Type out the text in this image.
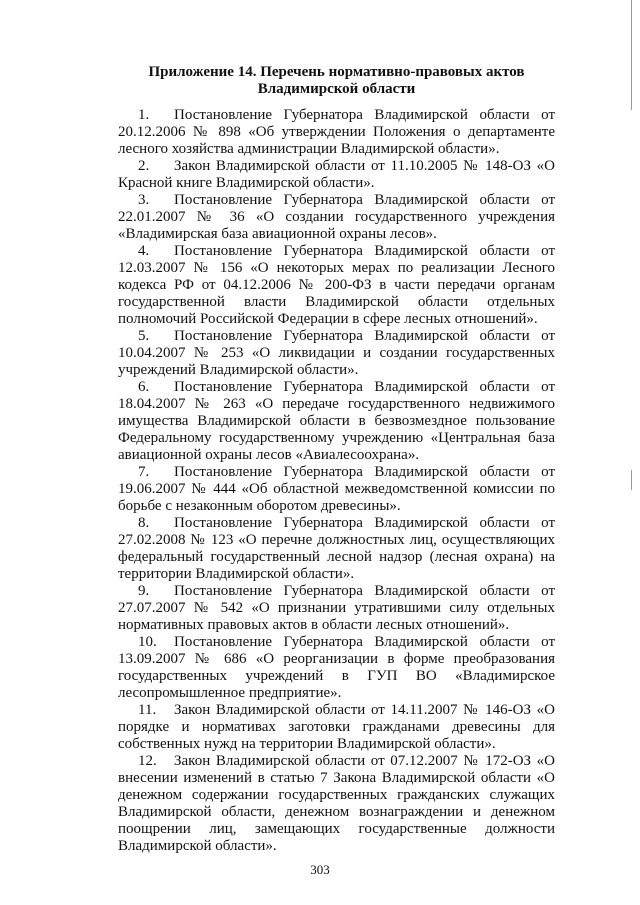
Приложение 14. Перечень нормативно-правовых актов
Владимирской области
1. Постановление Губернатора Владимирской области от 20.12.2006 № 898 «Об утверждении Положения о департаменте лесного хозяйства администрации Владимирской области».
2. Закон Владимирской области от 11.10.2005 № 148-ОЗ «О Красной книге Владимирской области».
3. Постановление Губернатора Владимирской области от 22.01.2007 № 36 «О создании государственного учреждения «Владимирская база авиационной охраны лесов».
4. Постановление Губернатора Владимирской области от 12.03.2007 № 156 «О некоторых мерах по реализации Лесного кодекса РФ от 04.12.2006 № 200-ФЗ в части передачи органам государственной власти Владимирской области отдельных полномочий Российской Федерации в сфере лесных отношений».
5. Постановление Губернатора Владимирской области от 10.04.2007 № 253 «О ликвидации и создании государственных учреждений Владимирской области».
6. Постановление Губернатора Владимирской области от 18.04.2007 № 263 «О передаче государственного недвижимого имущества Владимирской области в безвозмездное пользование Федеральному государственному учреждению «Центральная база авиационной охраны лесов «Авиалесоохрана».
7. Постановление Губернатора Владимирской области от 19.06.2007 № 444 «Об областной межведомственной комиссии по борьбе с незаконным оборотом древесины».
8. Постановление Губернатора Владимирской области от 27.02.2008 № 123 «О перечне должностных лиц, осуществляющих федеральный государственный лесной надзор (лесная охрана) на территории Владимирской области».
9. Постановление Губернатора Владимирской области от 27.07.2007 № 542 «О признании утратившими силу отдельных нормативных правовых актов в области лесных отношений».
10. Постановление Губернатора Владимирской области от 13.09.2007 № 686 «О реорганизации в форме преобразования государственных учреждений в ГУП ВО «Владимирское лесопромышленное предприятие».
11. Закон Владимирской области от 14.11.2007 № 146-ОЗ «О порядке и нормативах заготовки гражданами древесины для собственных нужд на территории Владимирской области».
12. Закон Владимирской области от 07.12.2007 № 172-ОЗ «О внесении изменений в статью 7 Закона Владимирской области «О денежном содержании государственных гражданских служащих Владимирской области, денежном вознаграждении и денежном поощрении лиц, замещающих государственные должности Владимирской области».
303
